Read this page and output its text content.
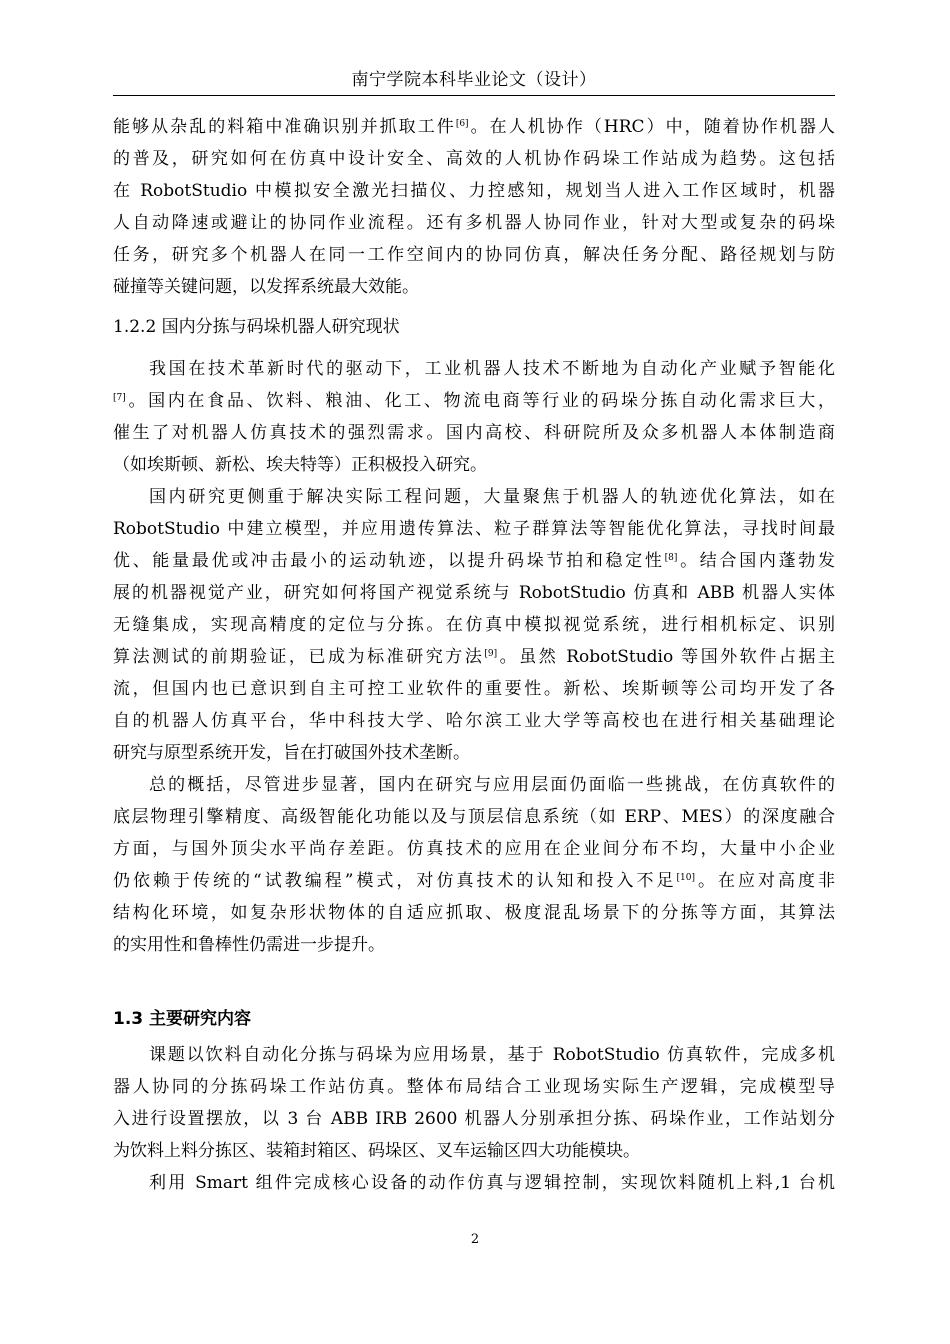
南宁学院本科毕业论文（设计）
能够从杂乱的料箱中准确识别并抓取工件[6]。在人机协作（HRC）中，随着协作机器人
的普及，研究如何在仿真中设计安全、高效的人机协作码垛工作站成为趋势。这包括
在 RobotStudio 中模拟安全激光扫描仪、力控感知，规划当人进入工作区域时，机器
人自动降速或避让的协同作业流程。还有多机器人协同作业，针对大型或复杂的码垛
任务，研究多个机器人在同一工作空间内的协同仿真，解决任务分配、路径规划与防
碰撞等关键问题，以发挥系统最大效能。
1.2.2 国内分拣与码垛机器人研究现状
我国在技术革新时代的驱动下，工业机器人技术不断地为自动化产业赋予智能化
[7]。国内在食品、饮料、粮油、化工、物流电商等行业的码垛分拣自动化需求巨大，
催生了对机器人仿真技术的强烈需求。国内高校、科研院所及众多机器人本体制造商
（如埃斯顿、新松、埃夫特等）正积极投入研究。
国内研究更侧重于解决实际工程问题，大量聚焦于机器人的轨迹优化算法，如在
RobotStudio 中建立模型，并应用遗传算法、粒子群算法等智能优化算法，寻找时间最
优、能量最优或冲击最小的运动轨迹，以提升码垛节拍和稳定性[8]。结合国内蓬勃发
展的机器视觉产业，研究如何将国产视觉系统与 RobotStudio 仿真和 ABB 机器人实体
无缝集成，实现高精度的定位与分拣。在仿真中模拟视觉系统，进行相机标定、识别
算法测试的前期验证，已成为标准研究方法[9]。虽然 RobotStudio 等国外软件占据主
流，但国内也已意识到自主可控工业软件的重要性。新松、埃斯顿等公司均开发了各
自的机器人仿真平台，华中科技大学、哈尔滨工业大学等高校也在进行相关基础理论
研究与原型系统开发，旨在打破国外技术垄断。
总的概括，尽管进步显著，国内在研究与应用层面仍面临一些挑战，在仿真软件的
底层物理引擎精度、高级智能化功能以及与顶层信息系统（如 ERP、MES）的深度融合
方面，与国外顶尖水平尚存差距。仿真技术的应用在企业间分布不均，大量中小企业
仍依赖于传统的“试教编程”模式，对仿真技术的认知和投入不足[10]。在应对高度非
结构化环境，如复杂形状物体的自适应抓取、极度混乱场景下的分拣等方面，其算法
的实用性和鲁棒性仍需进一步提升。
1.3 主要研究内容
课题以饮料自动化分拣与码垛为应用场景，基于 RobotStudio 仿真软件，完成多机
器人协同的分拣码垛工作站仿真。整体布局结合工业现场实际生产逻辑，完成模型导
入进行设置摆放，以 3 台 ABB IRB 2600 机器人分别承担分拣、码垛作业，工作站划分
为饮料上料分拣区、装箱封箱区、码垛区、叉车运输区四大功能模块。
利用 Smart 组件完成核心设备的动作仿真与逻辑控制，实现饮料随机上料,1 台机
2
